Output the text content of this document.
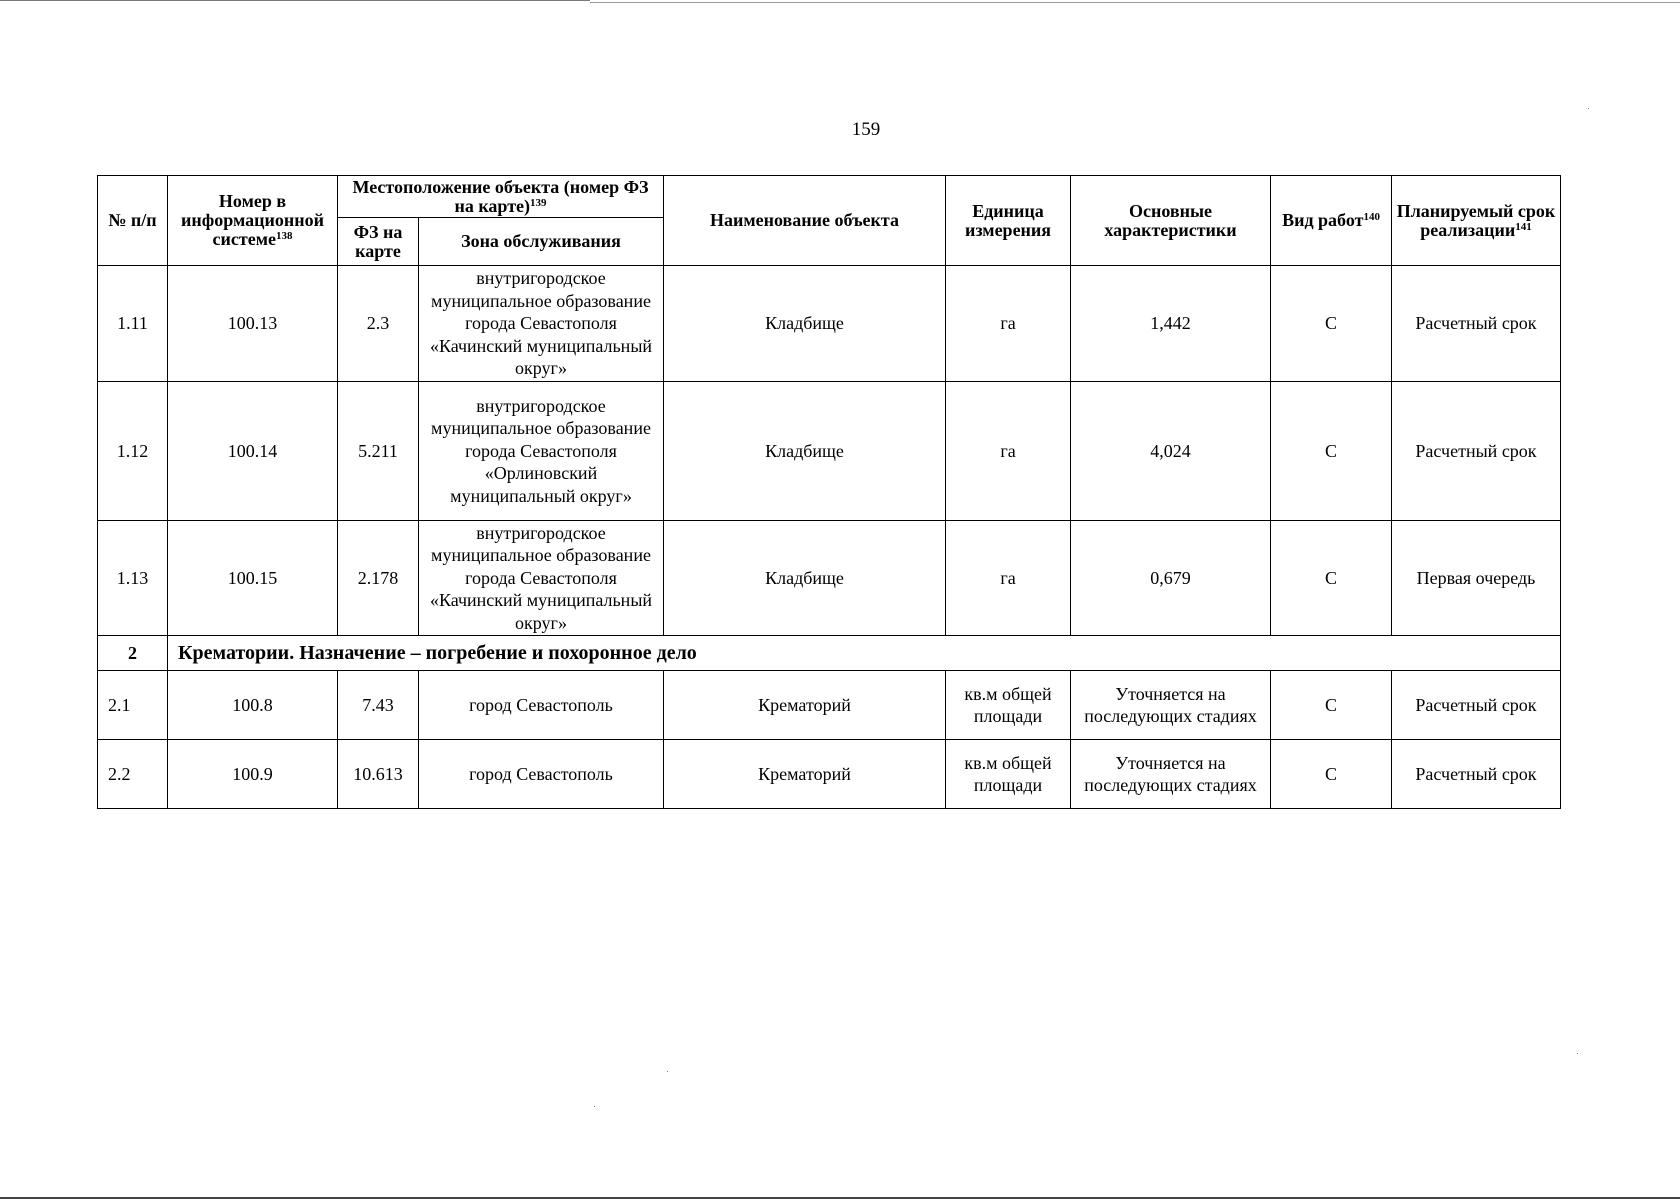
159
№ п/п	Номер в информационной системе$^{138}$	Местоположение объекта (номер ФЗ на карте)$^{139}$		Наименование объекта	Единица измерения	Основные характеристики	Вид работ$^{140}$	Планируемый срок реализации$^{141}$
		ФЗ на карте	Зона обслуживания					
1.11	100.13	2.3	внутригородское муниципальное образование города Севастополя «Качинский муниципальный округ»	Кладбище	га	1,442	С	Расчетный срок
1.12	100.14	5.211	внутригородское муниципальное образование города Севастополя «Орлиновский муниципальный округ»	Кладбище	га	4,024	С	Расчетный срок
1.13	100.15	2.178	внутригородское муниципальное образование города Севастополя «Качинский муниципальный округ»	Кладбище	га	0,679	С	Первая очередь
2	Крематории. Назначение – погребение и похоронное дело							
2.1	100.8	7.43	город Севастополь	Крематорий	кв.м общей площади	Уточняется на последующих стадиях	С	Расчетный срок
2.2	100.9	10.613	город Севастополь	Крематорий	кв.м общей площади	Уточняется на последующих стадиях	С	Расчетный срок
